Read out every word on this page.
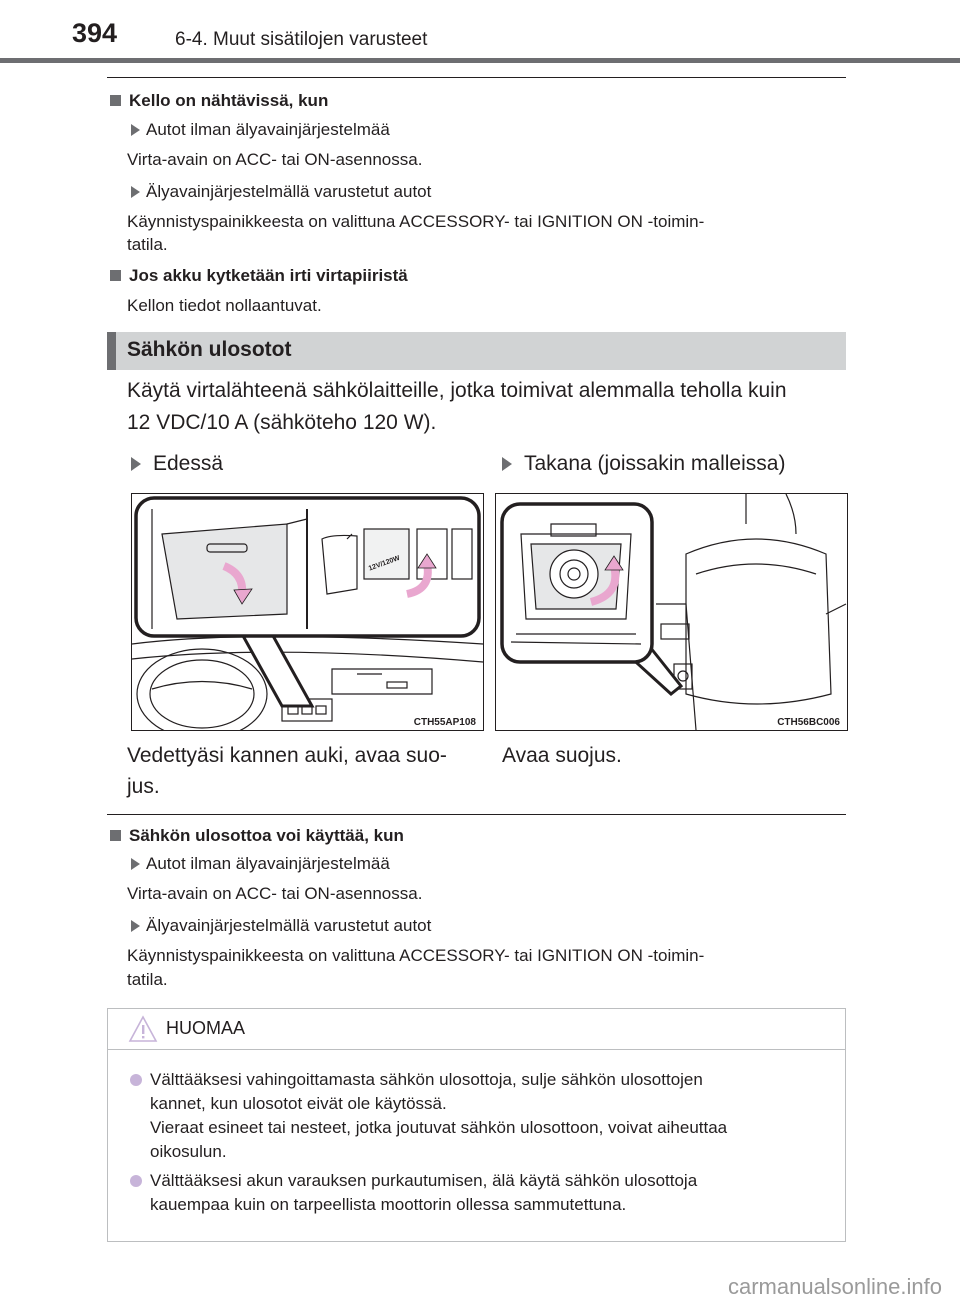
394	6-4. Muut sisätilojen varusteet
Kello on nähtävissä, kun
Autot ilman älyavainjärjestelmää
Virta-avain on ACC- tai ON-asennossa.
Älyavainjärjestelmällä varustetut autot
Käynnistyspainikkeesta on valittuna ACCESSORY- tai IGNITION ON -toimin-
tatila.
Jos akku kytketään irti virtapiiristä
Kellon tiedot nollaantuvat.
Sähkön ulosotot
Käytä virtalähteenä sähkölaitteille, jotka toimivat alemmalla teholla kuin
12 VDC/10 A (sähköteho 120 W).
Edessä	Takana (joissakin malleissa)
12V/120W
CTH55AP108	CTH56BC006
Vedettyäsi kannen auki, avaa suo-
jus.
Avaa suojus.
Sähkön ulosottoa voi käyttää, kun
Autot ilman älyavainjärjestelmää
Virta-avain on ACC- tai ON-asennossa.
Älyavainjärjestelmällä varustetut autot
Käynnistyspainikkeesta on valittuna ACCESSORY- tai IGNITION ON -toimin-
tatila.
HUOMAA
Välttääksesi vahingoittamasta sähkön ulosottoja, sulje sähkön ulosottojen
kannet, kun ulosotot eivät ole käytössä.
Vieraat esineet tai nesteet, jotka joutuvat sähkön ulosottoon, voivat aiheuttaa
oikosulun.
Välttääksesi akun varauksen purkautumisen, älä käytä sähkön ulosottoja
kauempaa kuin on tarpeellista moottorin ollessa sammutettuna.
carmanualsonline.info
